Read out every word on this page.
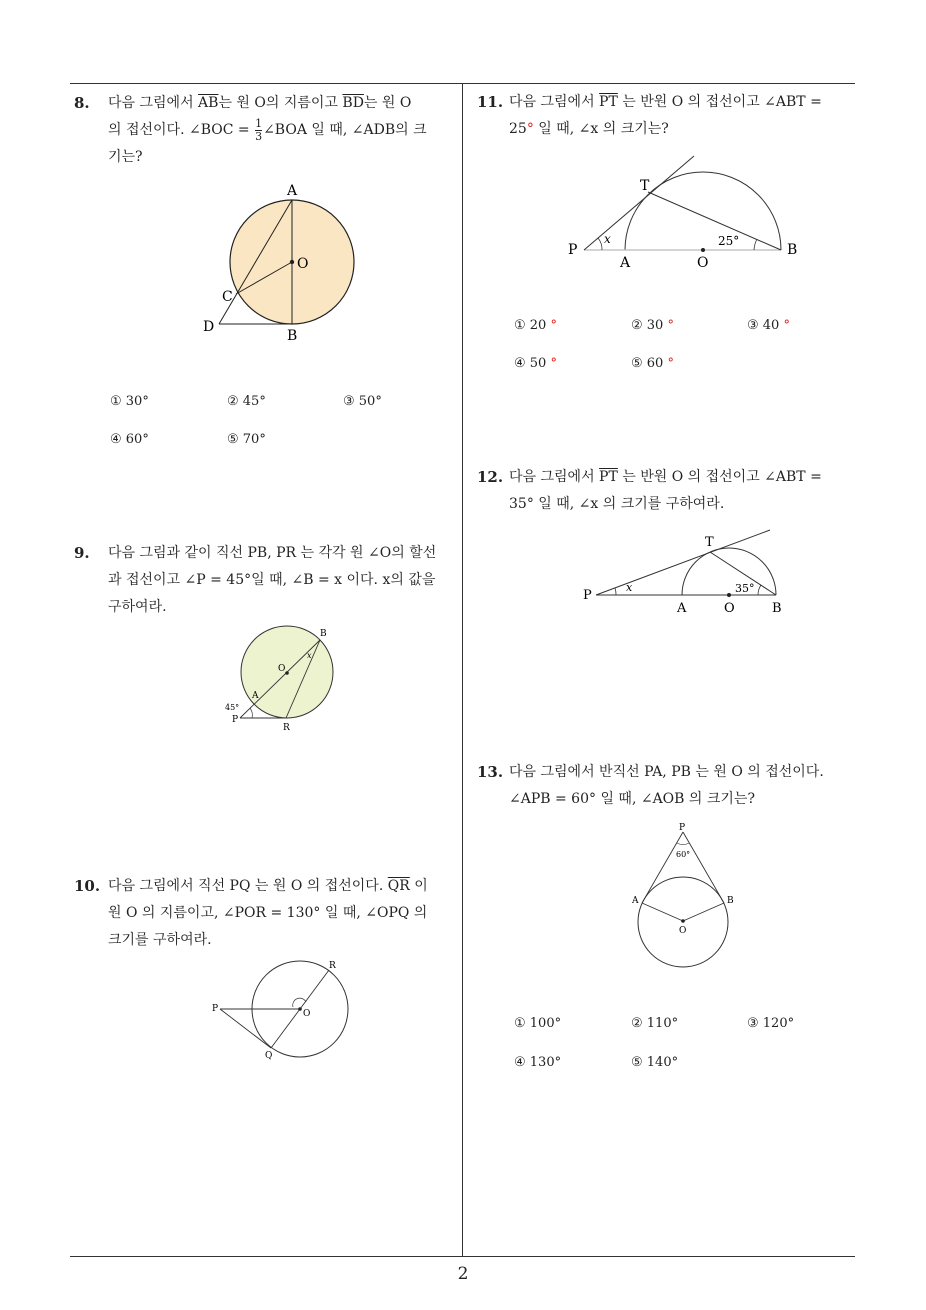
8. 다음 그림에서 $\overline{AB}$는 원 O의 지름이고 $\overline{BD}$는 원 O

의 접선이다. ∠BOC = $\frac{1}{3}$ ∠BOA 일 때, ∠ADB의 크

기는?

A
O
C
D
B
① 30°	② 45°	③ 50°
④ 60°	⑤ 70°
9. 다음 그림과 같이 직선 PB, PR 는 각각 원 ∠O의 할선

과 접선이고 ∠P = 45°일 때, ∠B = x 이다. x의 값을

구하여라.

B
O
x
A
45°
P
R
10. 다음 그림에서 직선 PQ 는 원 O 의 접선이다. $\overline{QR}$ 이

원 O 의 지름이고, ∠POR = 130° 일 때, ∠OPQ 의

크기를 구하여라.

R
P	O
Q
11. 다음 그림에서 $\overline{PT}$ 는 반원 O 의 접선이고 ∠ABT =

25° 일 때, ∠x 의 크기는?

T
x	25°
P
A	O
B
① 20 °	② 30 °	③ 40 °
④ 50 °	⑤ 60 °
12. 다음 그림에서 $\overline{PT}$ 는 반원 O 의 접선이고 ∠ABT =

35° 일 때, ∠x 의 크기를 구하여라.

T
x	35°
P
A	O	B
13. 다음 그림에서 반직선 PA, PB 는 원 O 의 접선이다.

∠APB = 60° 일 때, ∠AOB 의 크기는?

P
60°
A	B
O
① 100°	② 110°	③ 120°
④ 130°	⑤ 140°
2
